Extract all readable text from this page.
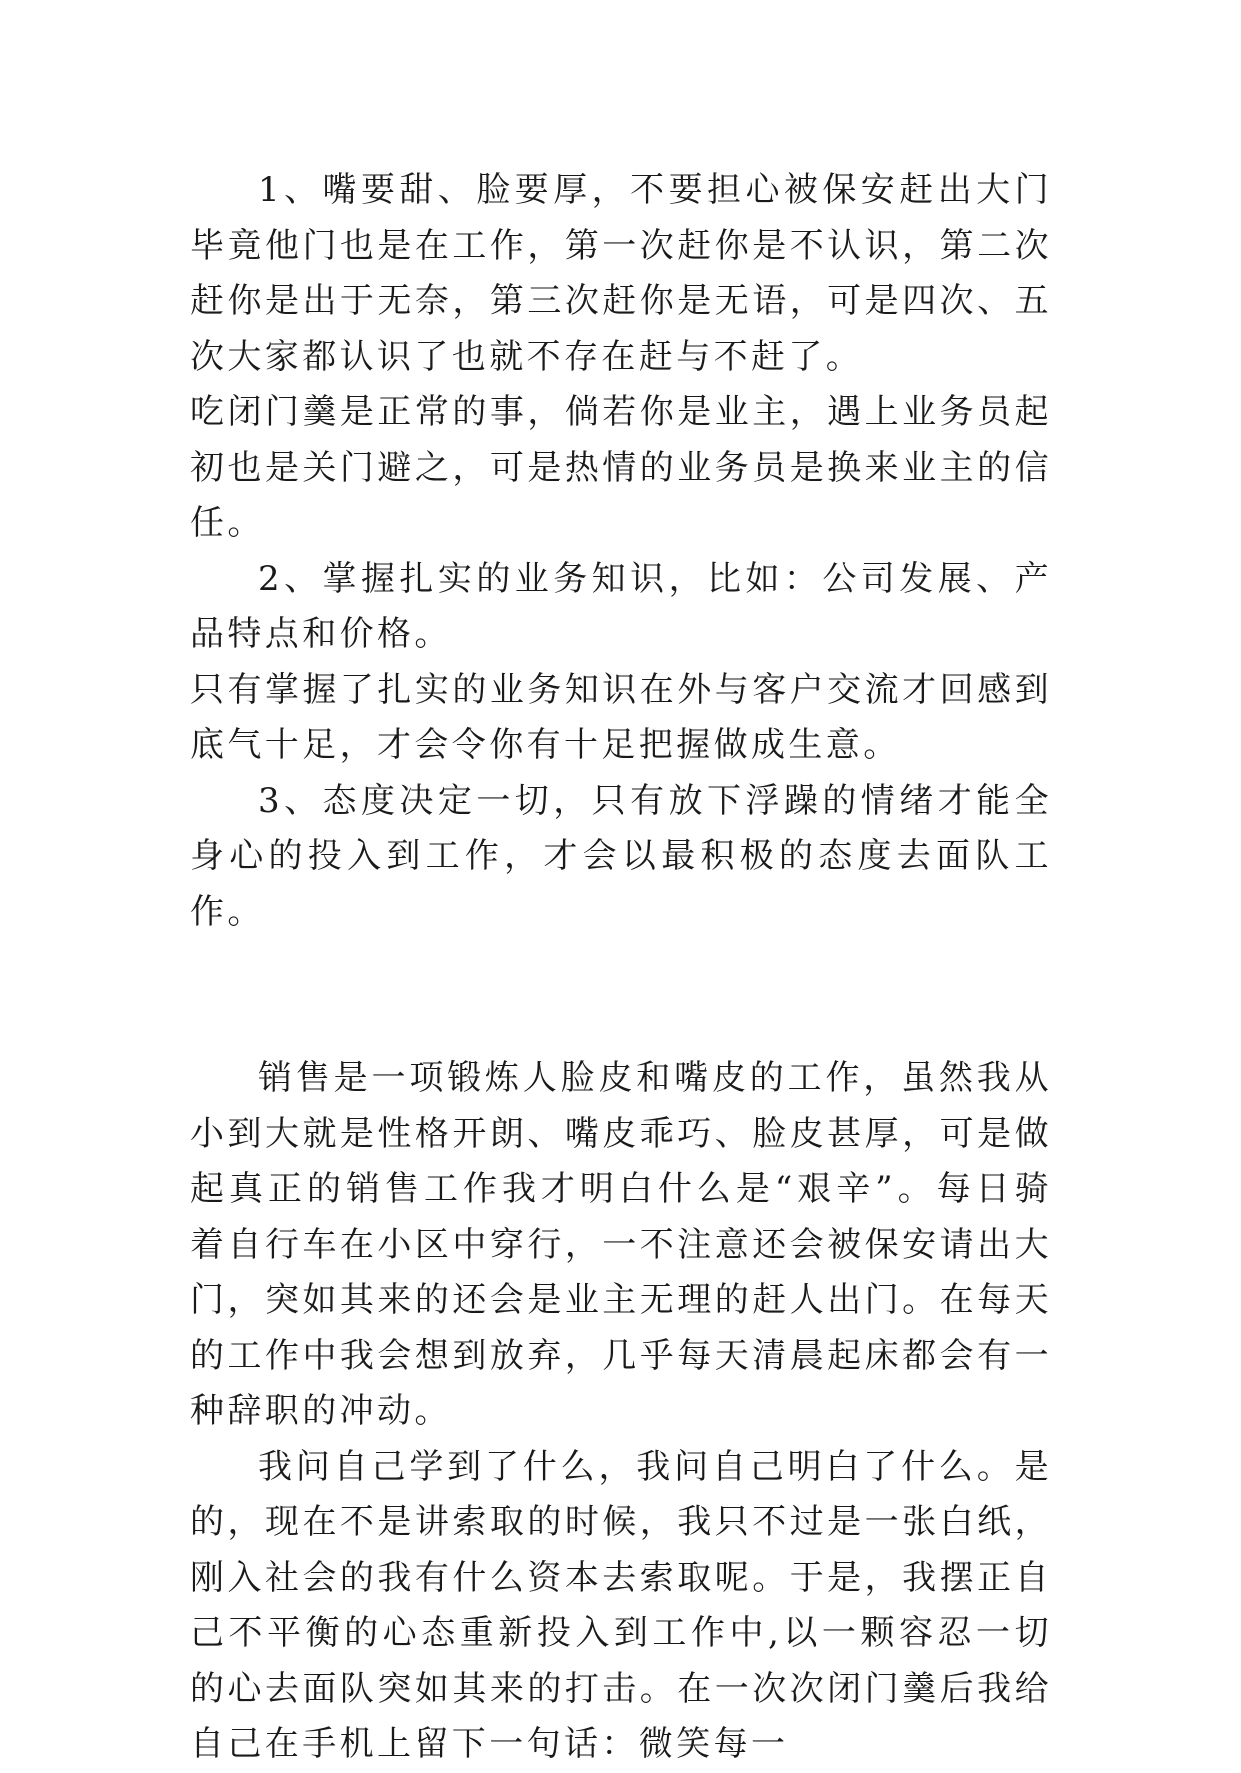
1、嘴要甜、脸要厚，不要担心被保安赶出大门毕竟他门也是在工作，第一次赶你是不认识，第二次赶你是出于无奈，第三次赶你是无语，可是四次、五次大家都认识了也就不存在赶与不赶了。

吃闭门羹是正常的事，倘若你是业主，遇上业务员起初也是关门避之，可是热情的业务员是换来业主的信任。

2、掌握扎实的业务知识，比如：公司发展、产品特点和价格。

只有掌握了扎实的业务知识在外与客户交流才回感到底气十足，才会令你有十足把握做成生意。

3、态度决定一切，只有放下浮躁的情绪才能全身心的投入到工作，才会以最积极的态度去面队工作。

销售是一项锻炼人脸皮和嘴皮的工作，虽然我从小到大就是性格开朗、嘴皮乖巧、脸皮甚厚，可是做起真正的销售工作我才明白什么是“艰辛”。每日骑着自行车在小区中穿行，一不注意还会被保安请出大门，突如其来的还会是业主无理的赶人出门。在每天的工作中我会想到放弃，几乎每天清晨起床都会有一种辞职的冲动。

我问自己学到了什么，我问自己明白了什么。是的，现在不是讲索取的时候，我只不过是一张白纸，刚入社会的我有什么资本去索取呢。于是，我摆正自己不平衡的心态重新投入到工作中,以一颗容忍一切的心去面队突如其来的打击。在一次次闭门羹后我给自己在手机上留下一句话：微笑每一
